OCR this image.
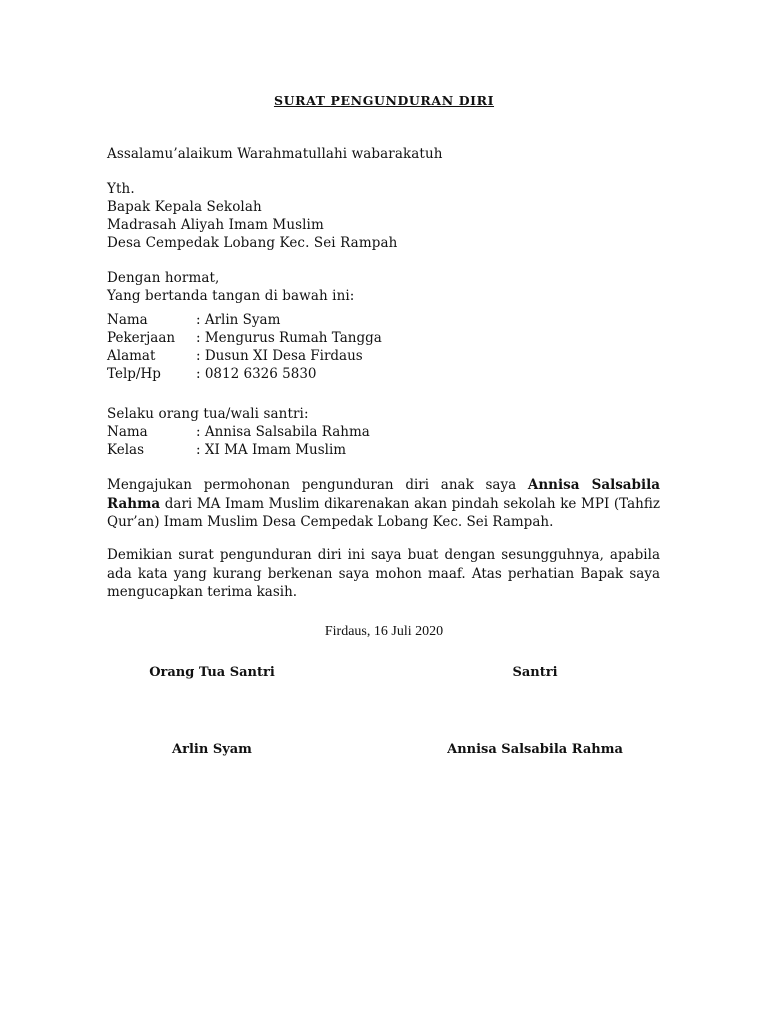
SURAT PENGUNDURAN DIRI
Assalamu’alaikum Warahmatullahi wabarakatuh
Yth.
Bapak Kepala Sekolah
Madrasah Aliyah Imam Muslim
Desa Cempedak Lobang Kec. Sei Rampah
Dengan hormat,
Yang bertanda tangan di bawah ini:
Nama	: Arlin Syam
Pekerjaan : Mengurus Rumah Tangga
Alamat	: Dusun XI Desa Firdaus
Telp/Hp	: 0812 6326 5830
Selaku orang tua/wali santri:
Nama	: Annisa Salsabila Rahma
Kelas	: XI MA Imam Muslim
Mengajukan permohonan pengunduran diri anak saya Annisa Salsabila Rahma dari MA Imam Muslim dikarenakan akan pindah sekolah ke MPI (Tahfiz Qur’an) Imam Muslim Desa Cempedak Lobang Kec. Sei Rampah.
Demikian surat pengunduran diri ini saya buat dengan sesungguhnya, apabila ada kata yang kurang berkenan saya mohon maaf. Atas perhatian Bapak saya mengucapkan terima kasih.
Firdaus, 16 Juli 2020
Orang Tua Santri	Santri
Arlin Syam	Annisa Salsabila Rahma
